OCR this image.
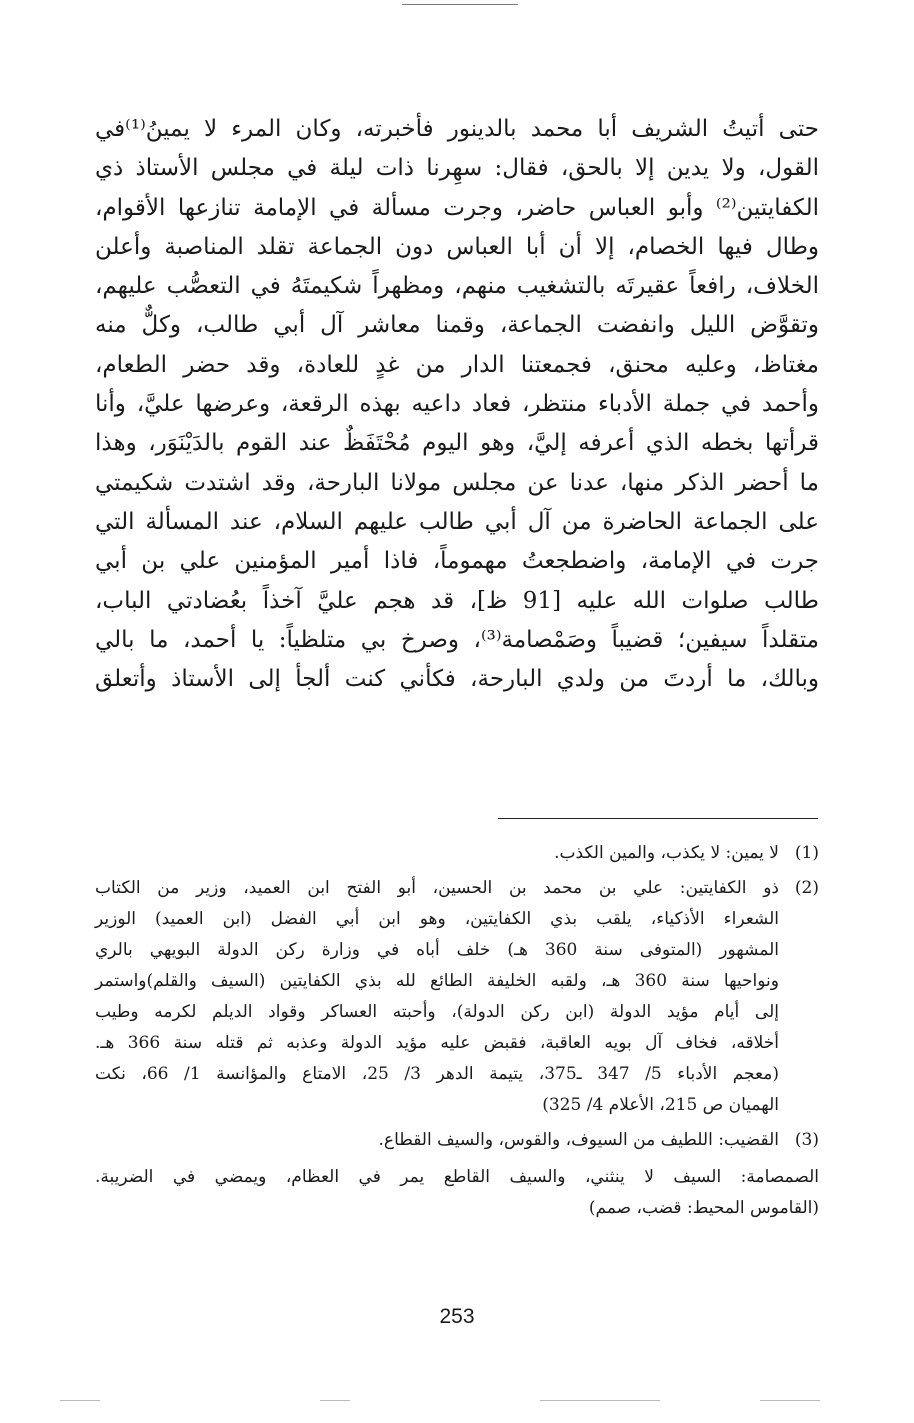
حتى أتيتُ الشريف أبا محمد بالدينور فأخبرته، وكان المرء لا يمينُ⁽¹⁾في
القول، ولا يدين إلا بالحق، فقال: سهِرنا ذات ليلة في مجلس الأستاذ ذي
الكفايتين⁽²⁾ وأبو العباس حاضر، وجرت مسألة في الإمامة تنازعها الأقوام،
وطال فيها الخصام، إلا أن أبا العباس دون الجماعة تقلد المناصبة وأعلن
الخلاف، رافعاً عقيرتَه بالتشغيب منهم، ومظهراً شكيمتَهُ في التعصُّب عليهم،
وتقوَّض الليل وانفضت الجماعة، وقمنا معاشر آل أبي طالب، وكلٌّ منه
مغتاظ، وعليه محنق، فجمعتنا الدار من غدٍ للعادة، وقد حضر الطعام،
وأحمد في جملة الأدباء منتظر، فعاد داعيه بهذه الرقعة، وعرضها عليَّ، وأنا
قرأتها بخطه الذي أعرفه إليَّ، وهو اليوم مُحْتَفَظٌ عند القوم بالدَيْنَوَر، وهذا
ما أحضر الذكر منها، عدنا عن مجلس مولانا البارحة، وقد اشتدت شكيمتي
على الجماعة الحاضرة من آل أبي طالب عليهم السلام، عند المسألة التي
جرت في الإمامة، واضطجعتُ مهموماً، فاذا أمير المؤمنين علي بن أبي
طالب صلوات الله عليه [91 ظ]، قد هجم عليَّ آخذاً بعُضادتي الباب،
متقلداً سيفين؛ قضيباً وصَمْصامة⁽³⁾، وصرخ بي متلظياً: يا أحمد، ما بالي
وبالك، ما أردتَ من ولدي البارحة، فكأني كنت ألجأ إلى الأستاذ وأتعلق
(1)
لا يمين: لا يكذب، والمين الكذب.
(2)
ذو الكفايتين: علي بن محمد بن الحسين، أبو الفتح ابن العميد، وزير من الكتاب
الشعراء الأذكياء، يلقب بذي الكفايتين، وهو ابن أبي الفضل (ابن العميد) الوزير
المشهور (المتوفى سنة 360 هـ) خلف أباه في وزارة ركن الدولة البويهي بالري
ونواحيها سنة 360 هـ، ولقبه الخليفة الطائع لله بذي الكفايتين (السيف والقلم)واستمر
إلى أيام مؤيد الدولة (ابن ركن الدولة)، وأحبته العساكر وقواد الديلم لكرمه وطيب
أخلاقه، فخاف آل بويه العاقبة، فقبض عليه مؤيد الدولة وعذبه ثم قتله سنة 366 هـ.
(معجم الأدباء 5/ 347 ـ375، يتيمة الدهر 3/ 25، الامتاع والمؤانسة 1/ 66، نكت
الهميان ص 215، الأعلام 4/ 325)
(3)
القضيب: اللطيف من السيوف، والقوس، والسيف القطاع.
الصمصامة: السيف لا ينثني، والسيف القاطع يمر في العظام، ويمضي في الضريبة.
(القاموس المحيط: قضب، صمم)
253
